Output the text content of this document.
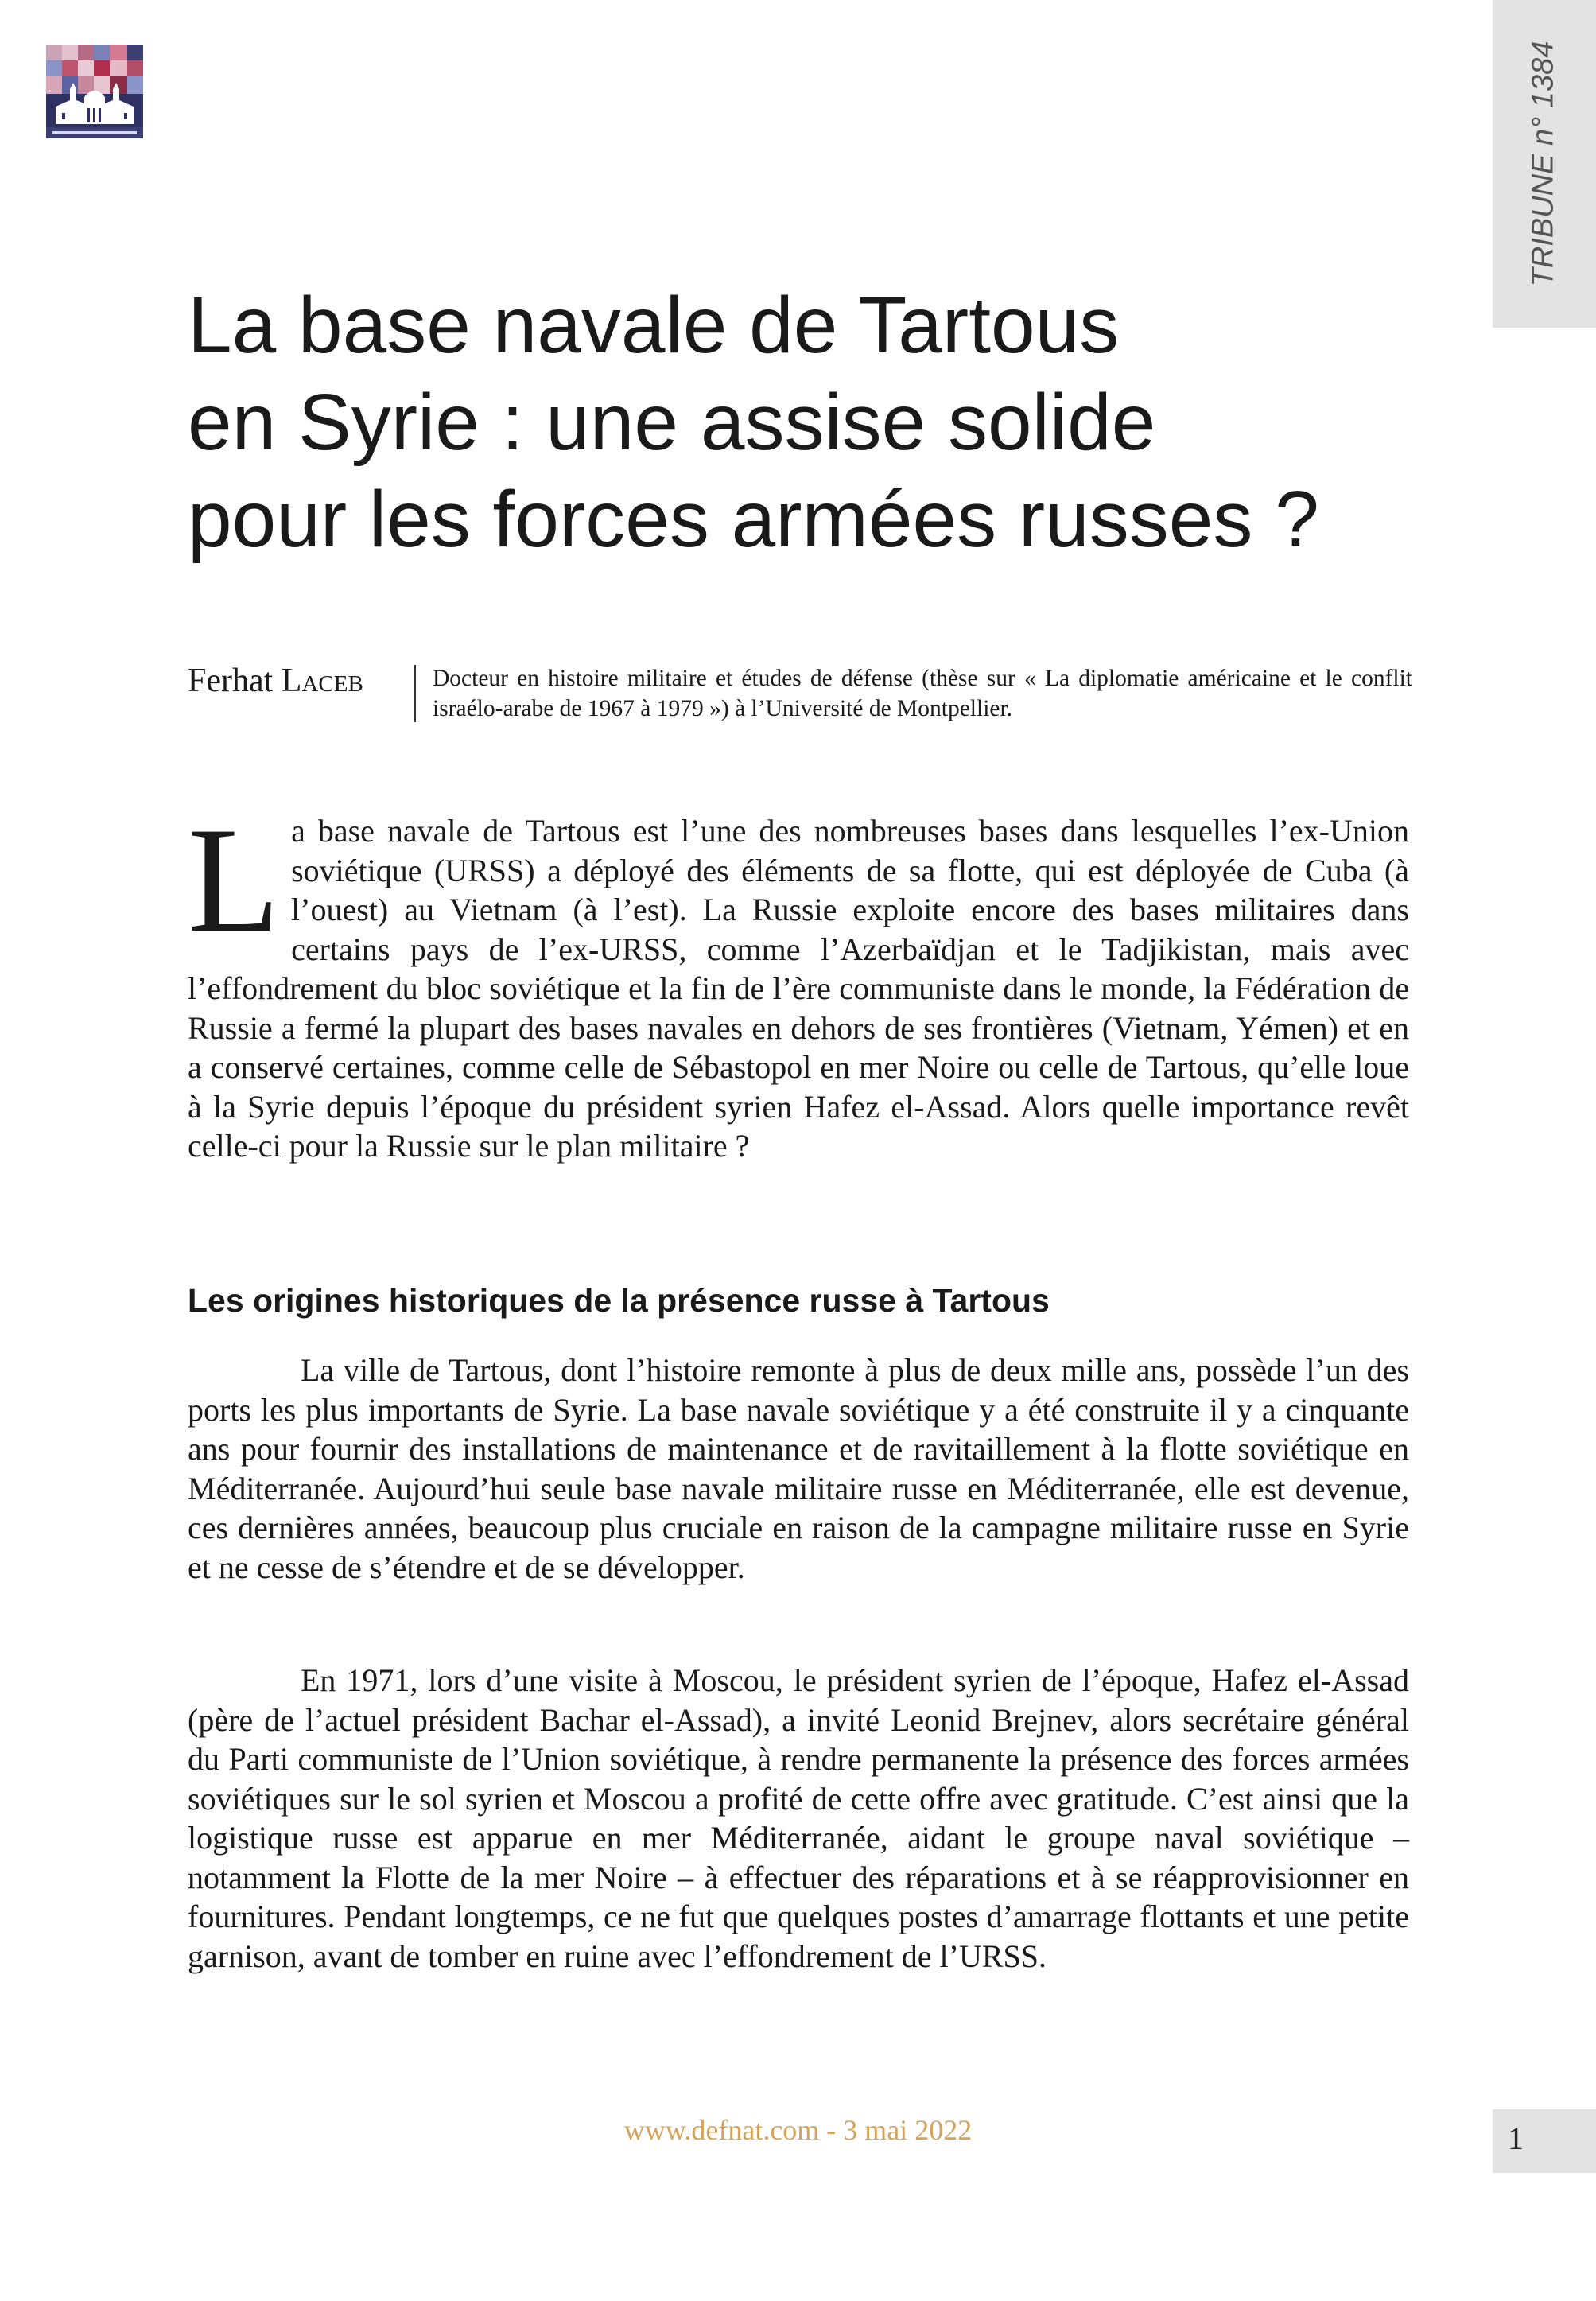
TRIBUNE n° 1384
La base navale de Tartous
en Syrie : une assise solide
pour les forces armées russes ?
Ferhat Laceb	Docteur en histoire militaire et études de défense (thèse sur « La diplomatie américaine et le conflit israélo-arabe de 1967 à 1979 ») à l’Université de Montpellier.

La base navale de Tartous est l’une des nombreuses bases dans lesquelles l’ex-Union soviétique (URSS) a déployé des éléments de sa flotte, qui est déployée de Cuba (à l’ouest) au Vietnam (à l’est). La Russie exploite encore des bases militaires dans certains pays de l’ex-URSS, comme l’Azerbaïdjan et le Tadjikistan, mais avec l’effondrement du bloc soviétique et la fin de l’ère communiste dans le monde, la Fédération de Russie a fermé la plupart des bases navales en dehors de ses frontières (Vietnam, Yémen) et en a conservé certaines, comme celle de Sébastopol en mer Noire ou celle de Tartous, qu’elle loue à la Syrie depuis l’époque du président syrien Hafez el-Assad. Alors quelle importance revêt celle-ci pour la Russie sur le plan militaire ?

Les origines historiques de la présence russe à Tartous

La ville de Tartous, dont l’histoire remonte à plus de deux mille ans, possède l’un des ports les plus importants de Syrie. La base navale soviétique y a été construite il y a cinquante ans pour fournir des installations de maintenance et de ravitaillement à la flotte soviétique en Méditerranée. Aujourd’hui seule base navale militaire russe en Méditerranée, elle est devenue, ces dernières années, beaucoup plus cruciale en raison de la campagne militaire russe en Syrie et ne cesse de s’étendre et de se développer.

En 1971, lors d’une visite à Moscou, le président syrien de l’époque, Hafez el-Assad (père de l’actuel président Bachar el-Assad), a invité Leonid Brejnev, alors secrétaire général du Parti communiste de l’Union soviétique, à rendre permanente la présence des forces armées soviétiques sur le sol syrien et Moscou a profité de cette offre avec gratitude. C’est ainsi que la logistique russe est apparue en mer Méditerranée, aidant le groupe naval soviétique – notamment la Flotte de la mer Noire – à effectuer des réparations et à se réapprovisionner en fournitures. Pendant longtemps, ce ne fut que quelques postes d’amarrage flottants et une petite garnison, avant de tomber en ruine avec l’effondrement de l’URSS.

www.defnat.com - 3 mai 2022	1
